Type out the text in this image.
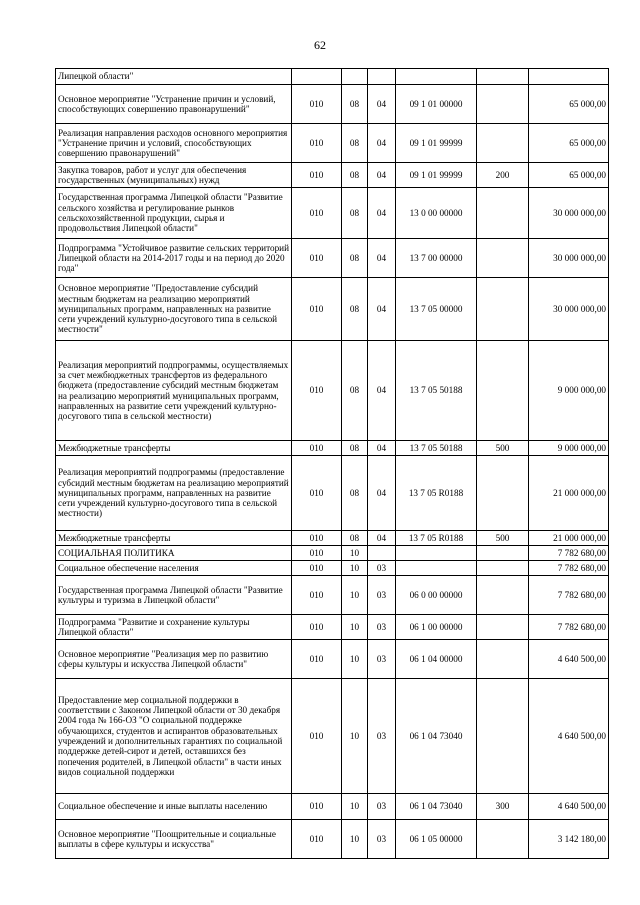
62
Липецкой области"						
Основное мероприятие "Устранение причин и условий, способствующих совершению правонарушений"	010	08	04	09 1 01 00000		65 000,00
Реализация направления расходов основного мероприятия "Устранение причин и условий, способствующих совершению правонарушений"	010	08	04	09 1 01 99999		65 000,00
Закупка товаров, работ и услуг для обеспечения государственных (муниципальных) нужд	010	08	04	09 1 01 99999	200	65 000,00
Государственная программа Липецкой области "Развитие сельского хозяйства и регулирование рынков сельскохозяйственной продукции, сырья и продовольствия Липецкой области"	010	08	04	13 0 00 00000		30 000 000,00
Подпрограмма "Устойчивое развитие сельских территорий Липецкой области на 2014-2017 годы и на период до 2020 года"	010	08	04	13 7 00 00000		30 000 000,00
Основное мероприятие "Предоставление субсидий местным бюджетам на реализацию мероприятий муниципальных программ, направленных на развитие сети учреждений культурно-досугового типа в сельской местности"	010	08	04	13 7 05 00000		30 000 000,00
Реализация мероприятий подпрограммы, осуществляемых за счет межбюджетных трансфертов из федерального бюджета (предоставление субсидий местным бюджетам на реализацию мероприятий муниципальных программ, направленных на развитие сети учреждений культурно-досугового типа в сельской местности)	010	08	04	13 7 05 50188		9 000 000,00
Межбюджетные трансферты	010	08	04	13 7 05 50188	500	9 000 000,00
Реализация мероприятий подпрограммы (предоставление субсидий местным бюджетам на реализацию мероприятий муниципальных программ, направленных на развитие сети учреждений культурно-досугового типа в сельской местности)	010	08	04	13 7 05 R0188		21 000 000,00
Межбюджетные трансферты	010	08	04	13 7 05 R0188	500	21 000 000,00
СОЦИАЛЬНАЯ ПОЛИТИКА	010	10				7 782 680,00
Социальное обеспечение населения	010	10	03			7 782 680,00
Государственная программа Липецкой области "Развитие культуры и туризма в Липецкой области"	010	10	03	06 0 00 00000		7 782 680,00
Подпрограмма "Развитие и сохранение культуры Липецкой области"	010	10	03	06 1 00 00000		7 782 680,00
Основное мероприятие "Реализация мер по развитию сферы культуры и искусства Липецкой области"	010	10	03	06 1 04 00000		4 640 500,00
Предоставление мер социальной поддержки в соответствии с Законом Липецкой области от 30 декабря 2004 года № 166-ОЗ "О социальной поддержке обучающихся, студентов и аспирантов образовательных учреждений и дополнительных гарантиях по социальной поддержке детей-сирот и детей, оставшихся без попечения родителей, в Липецкой области" в части иных видов социальной поддержки	010	10	03	06 1 04 73040		4 640 500,00
Социальное обеспечение и иные выплаты населению	010	10	03	06 1 04 73040	300	4 640 500,00
Основное мероприятие "Поощрительные и социальные выплаты в сфере культуры и искусства"	010	10	03	06 1 05 00000		3 142 180,00
